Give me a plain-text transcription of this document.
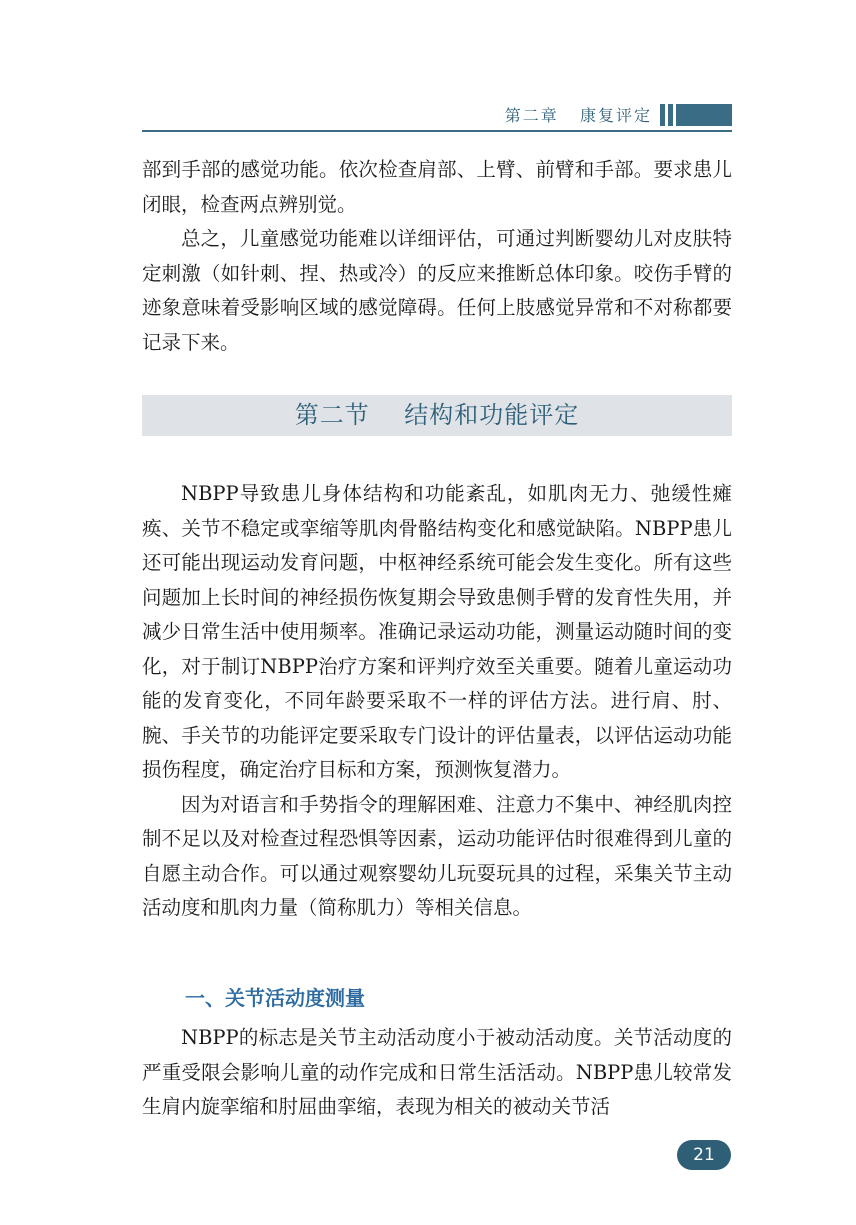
第二章 康复评定

部到手部的感觉功能。依次检查肩部、上臂、前臂和手部。要求患儿闭眼，检查两点辨别觉。

总之，儿童感觉功能难以详细评估，可通过判断婴幼儿对皮肤特定刺激（如针刺、捏、热或冷）的反应来推断总体印象。咬伤手臂的迹象意味着受影响区域的感觉障碍。任何上肢感觉异常和不对称都要记录下来。

第二节 结构和功能评定

NBPP导致患儿身体结构和功能紊乱，如肌肉无力、弛缓性瘫痪、关节不稳定或挛缩等肌肉骨骼结构变化和感觉缺陷。NBPP患儿还可能出现运动发育问题，中枢神经系统可能会发生变化。所有这些问题加上长时间的神经损伤恢复期会导致患侧手臂的发育性失用，并减少日常生活中使用频率。准确记录运动功能，测量运动随时间的变化，对于制订NBPP治疗方案和评判疗效至关重要。随着儿童运动功能的发育变化，不同年龄要采取不一样的评估方法。进行肩、肘、腕、手关节的功能评定要采取专门设计的评估量表，以评估运动功能损伤程度，确定治疗目标和方案，预测恢复潜力。

因为对语言和手势指令的理解困难、注意力不集中、神经肌肉控制不足以及对检查过程恐惧等因素，运动功能评估时很难得到儿童的自愿主动合作。可以通过观察婴幼儿玩耍玩具的过程，采集关节主动活动度和肌肉力量（简称肌力）等相关信息。

一、关节活动度测量

NBPP的标志是关节主动活动度小于被动活动度。关节活动度的严重受限会影响儿童的动作完成和日常生活活动。NBPP患儿较常发生肩内旋挛缩和肘屈曲挛缩，表现为相关的被动关节活

21
